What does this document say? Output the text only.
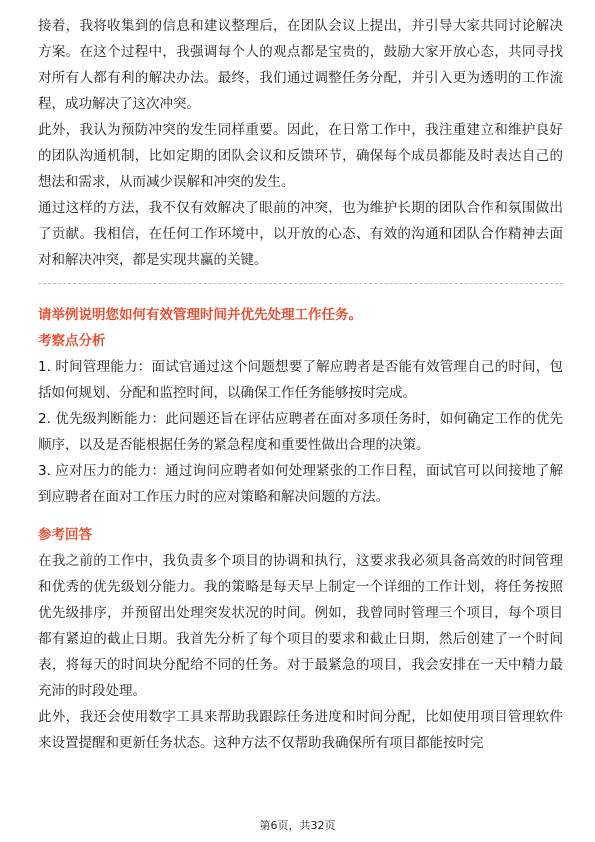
接着，我将收集到的信息和建议整理后，在团队会议上提出，并引导大家共同讨论解决方案。在这个过程中，我强调每个人的观点都是宝贵的，鼓励大家开放心态，共同寻找对所有人都有利的解决办法。最终，我们通过调整任务分配，并引入更为透明的工作流程，成功解决了这次冲突。

此外，我认为预防冲突的发生同样重要。因此，在日常工作中，我注重建立和维护良好的团队沟通机制，比如定期的团队会议和反馈环节，确保每个成员都能及时表达自己的想法和需求，从而减少误解和冲突的发生。

通过这样的方法，我不仅有效解决了眼前的冲突，也为维护长期的团队合作和氛围做出了贡献。我相信，在任何工作环境中，以开放的心态、有效的沟通和团队合作精神去面对和解决冲突，都是实现共赢的关键。

请举例说明您如何有效管理时间并优先处理工作任务。

考察点分析

1. 时间管理能力：面试官通过这个问题想要了解应聘者是否能有效管理自己的时间，包括如何规划、分配和监控时间，以确保工作任务能够按时完成。

2. 优先级判断能力：此问题还旨在评估应聘者在面对多项任务时，如何确定工作的优先顺序，以及是否能根据任务的紧急程度和重要性做出合理的决策。

3. 应对压力的能力：通过询问应聘者如何处理紧张的工作日程，面试官可以间接地了解到应聘者在面对工作压力时的应对策略和解决问题的方法。

参考回答

在我之前的工作中，我负责多个项目的协调和执行，这要求我必须具备高效的时间管理和优秀的优先级划分能力。我的策略是每天早上制定一个详细的工作计划，将任务按照优先级排序，并预留出处理突发状况的时间。例如，我曾同时管理三个项目，每个项目都有紧迫的截止日期。我首先分析了每个项目的要求和截止日期，然后创建了一个时间表，将每天的时间块分配给不同的任务。对于最紧急的项目，我会安排在一天中精力最充沛的时段处理。

此外，我还会使用数字工具来帮助我跟踪任务进度和时间分配，比如使用项目管理软件来设置提醒和更新任务状态。这种方法不仅帮助我确保所有项目都能按时完

第6页，共32页
